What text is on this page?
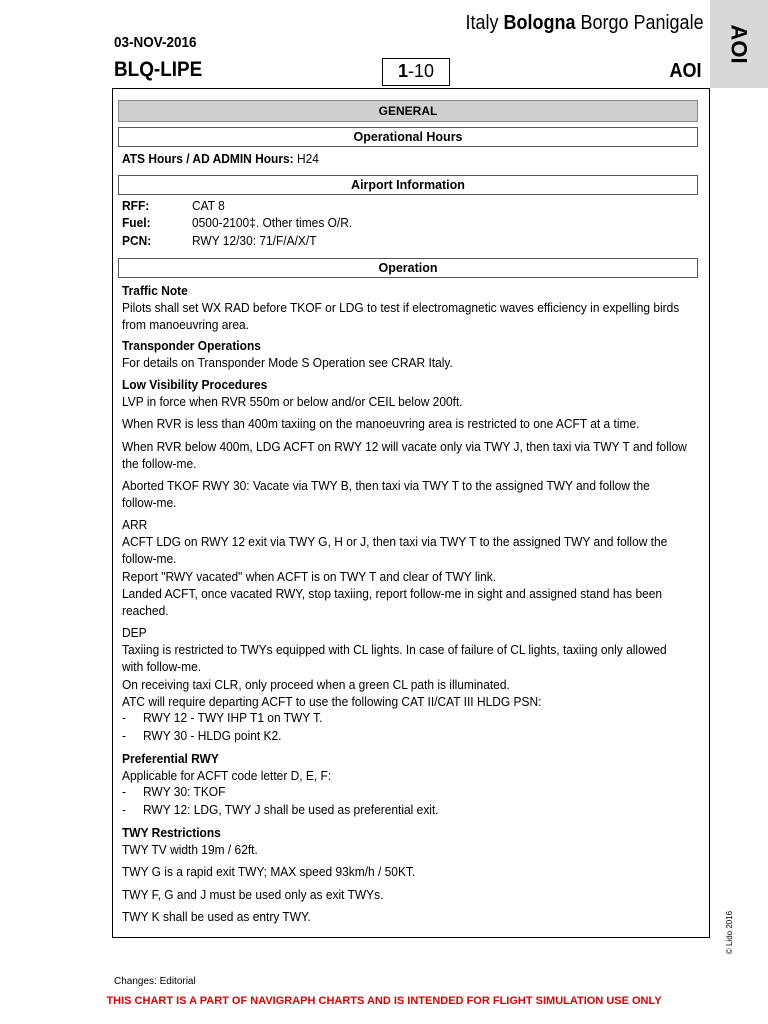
03-NOV-2016
BLQ-LIPE
Italy Bologna Borgo Panigale
1-10	AOI
AOI
© Lido 2016
GENERAL
Operational Hours
ATS Hours / AD ADMIN Hours: H24
Airport Information
RFF:	CAT 8
Fuel:	0500-2100‡. Other times O/R.
PCN:	RWY 12/30: 71/F/A/X/T
Operation
Traffic Note
Pilots shall set WX RAD before TKOF or LDG to test if electromagnetic waves efficiency in expelling birds
from manoeuvring area.
Transponder Operations
For details on Transponder Mode S Operation see CRAR Italy.
Low Visibility Procedures
LVP in force when RVR 550m or below and/or CEIL below 200ft.
When RVR is less than 400m taxiing on the manoeuvring area is restricted to one ACFT at a time.
When RVR below 400m, LDG ACFT on RWY 12 will vacate only via TWY J, then taxi via TWY T and follow
the follow-me.
Aborted TKOF RWY 30: Vacate via TWY B, then taxi via TWY T to the assigned TWY and follow the
follow-me.
ARR
ACFT LDG on RWY 12 exit via TWY G, H or J, then taxi via TWY T to the assigned TWY and follow the
follow-me.
Report "RWY vacated" when ACFT is on TWY T and clear of TWY link.
Landed ACFT, once vacated RWY, stop taxiing, report follow-me in sight and assigned stand has been
reached.
DEP
Taxiing is restricted to TWYs equipped with CL lights. In case of failure of CL lights, taxiing only allowed
with follow-me.
On receiving taxi CLR, only proceed when a green CL path is illuminated.
ATC will require departing ACFT to use the following CAT II/CAT III HLDG PSN:
- RWY 12 - TWY IHP T1 on TWY T.
- RWY 30 - HLDG point K2.
Preferential RWY
Applicable for ACFT code letter D, E, F:
- RWY 30: TKOF
- RWY 12: LDG, TWY J shall be used as preferential exit.
TWY Restrictions
TWY TV width 19m / 62ft.
TWY G is a rapid exit TWY; MAX speed 93km/h / 50KT.
TWY F, G and J must be used only as exit TWYs.
TWY K shall be used as entry TWY.
Changes: Editorial
THIS CHART IS A PART OF NAVIGRAPH CHARTS AND IS INTENDED FOR FLIGHT SIMULATION USE ONLY
